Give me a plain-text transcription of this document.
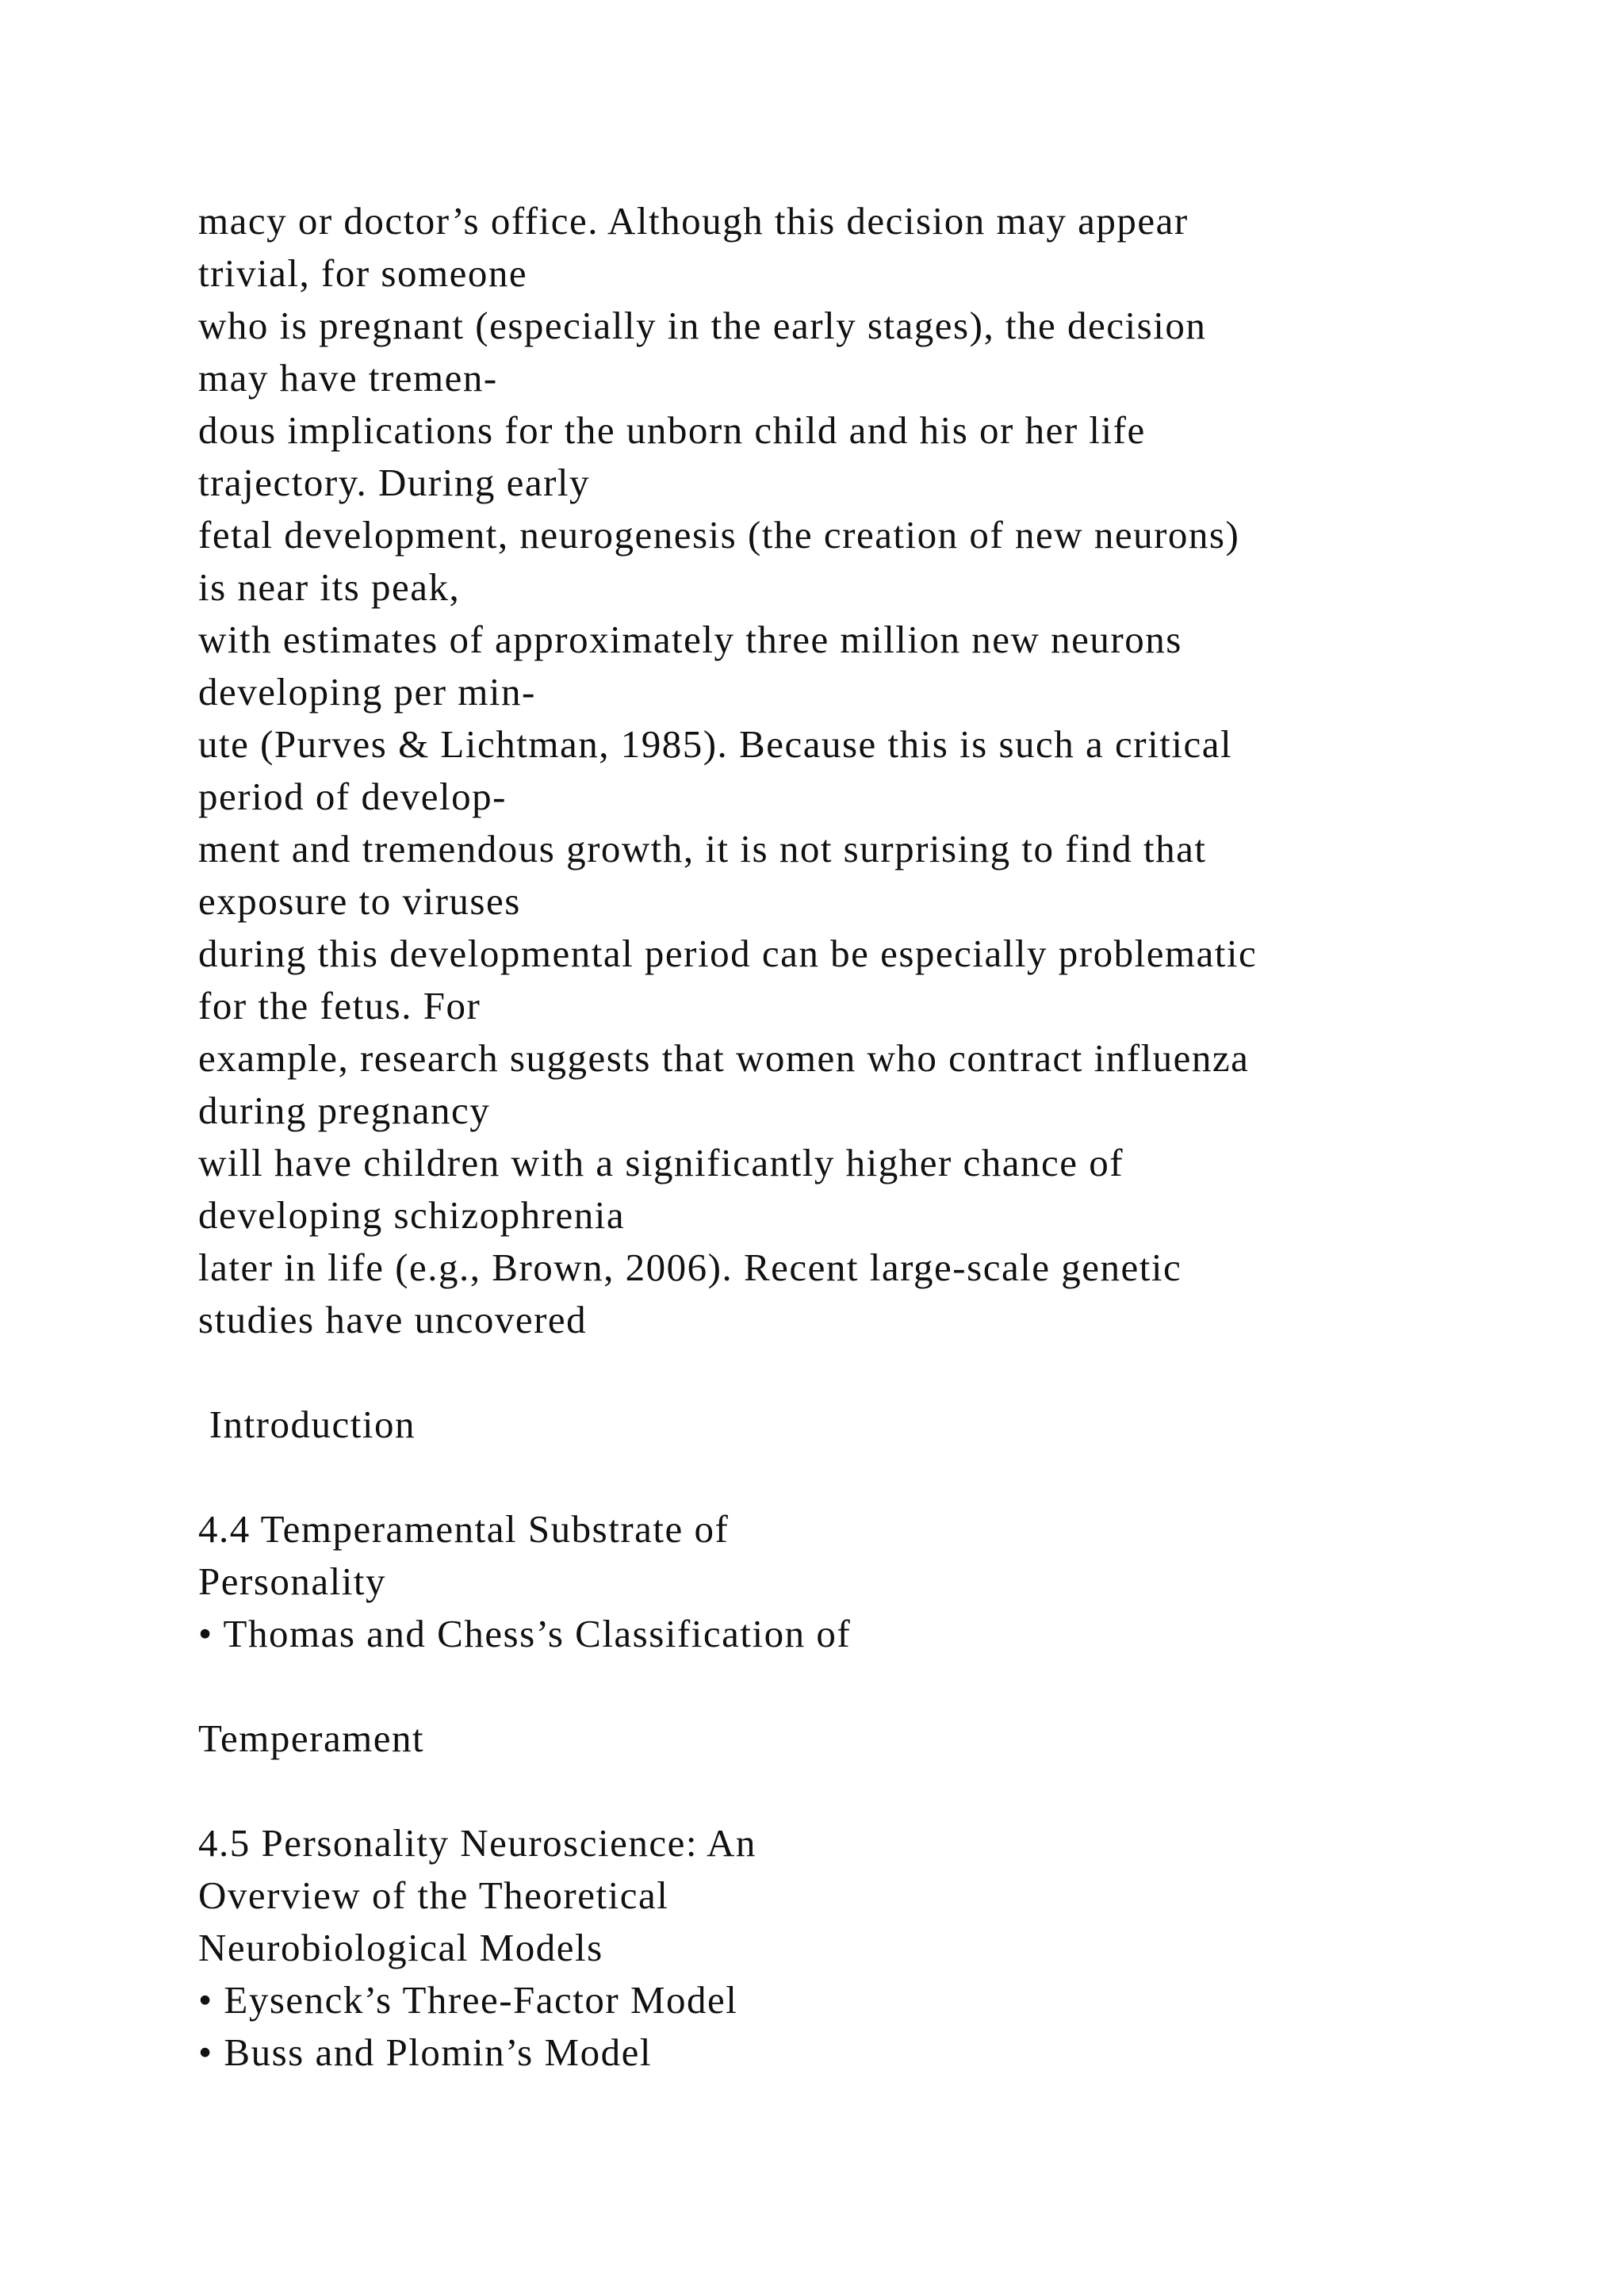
macy or doctor’s office. Although this decision may appear
trivial, for someone
who is pregnant (especially in the early stages), the decision
may have tremen-
dous implications for the unborn child and his or her life
trajectory. During early
fetal development, neurogenesis (the creation of new neurons)
is near its peak,
with estimates of approximately three million new neurons
developing per min-
ute (Purves & Lichtman, 1985). Because this is such a critical
period of develop-
ment and tremendous growth, it is not surprising to find that
exposure to viruses
during this developmental period can be especially problematic
for the fetus. For
example, research suggests that women who contract influenza
during pregnancy
will have children with a significantly higher chance of
developing schizophrenia
later in life (e.g., Brown, 2006). Recent large-scale genetic
studies have uncovered
Introduction
4.4 Temperamental Substrate of
Personality
• Thomas and Chess’s Classification of
Temperament
4.5 Personality Neuroscience: An
Overview of the Theoretical
Neurobiological Models
• Eysenck’s Three-Factor Model
• Buss and Plomin’s Model
